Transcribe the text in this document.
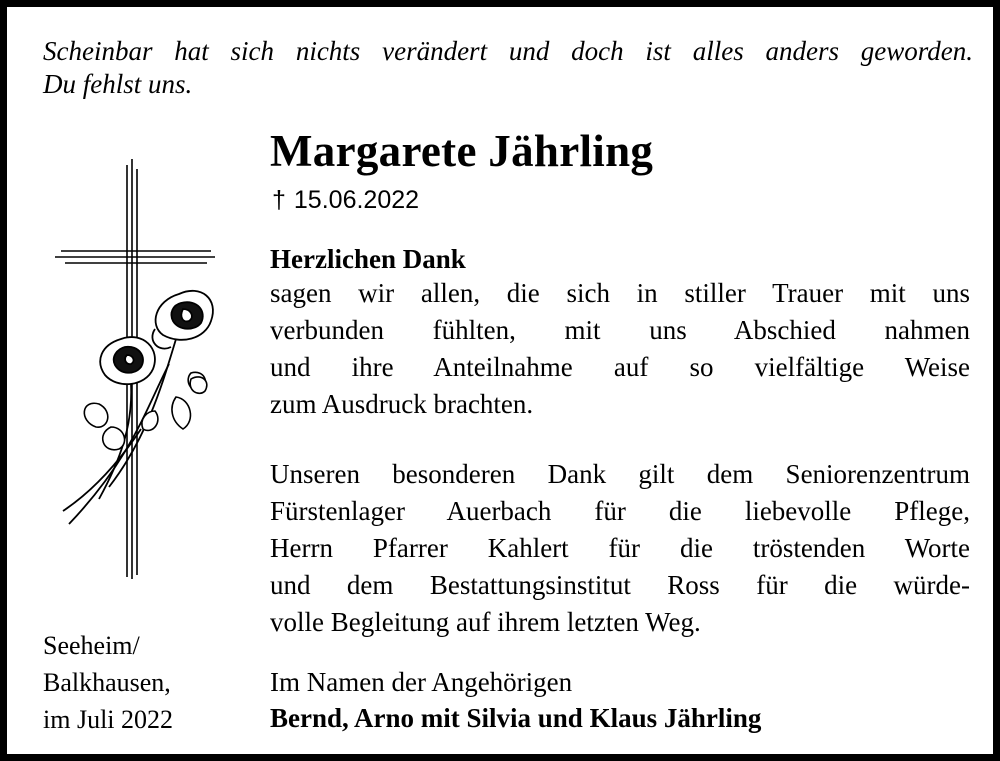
Scheinbar hat sich nichts verändert und doch ist alles anders geworden.
Du fehlst uns.
Margarete Jährling
† 15.06.2022
Herzlichen Dank
sagen wir allen, die sich in stiller Trauer mit uns
verbunden fühlten, mit uns Abschied nahmen
und ihre Anteilnahme auf so vielfältige Weise
zum Ausdruck brachten.
Unseren besonderen Dank gilt dem Seniorenzentrum
Fürstenlager Auerbach für die liebevolle Pflege,
Herrn Pfarrer Kahlert für die tröstenden Worte
und dem Bestattungsinstitut Ross für die würde-
volle Begleitung auf ihrem letzten Weg.
Im Namen der Angehörigen
Bernd, Arno mit Silvia und Klaus Jährling
Seeheim/
Balkhausen,
im Juli 2022
